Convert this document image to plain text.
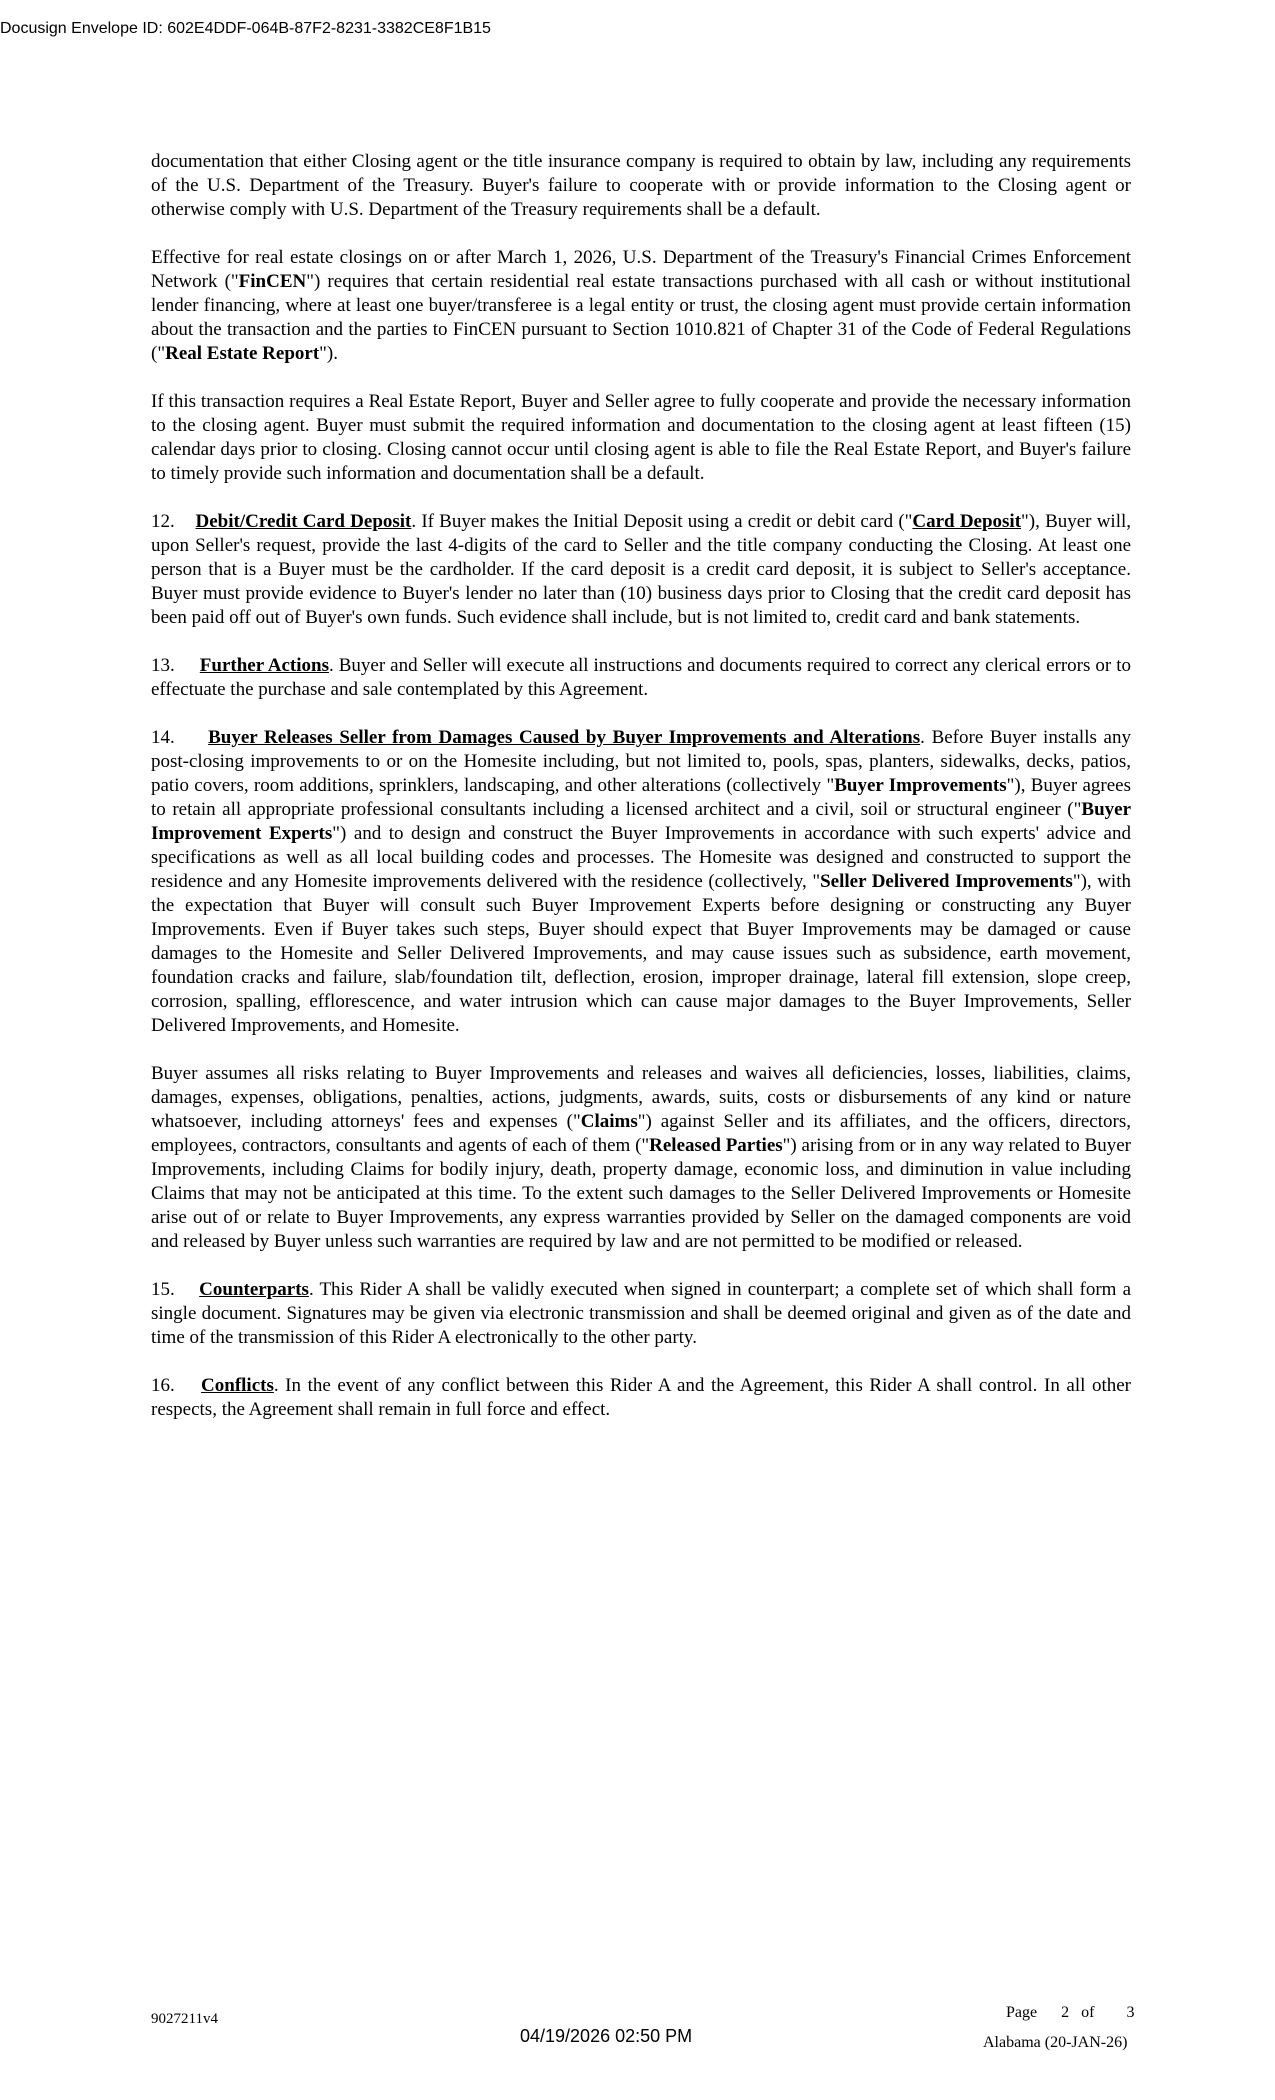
Docusign Envelope ID: 602E4DDF-064B-87F2-8231-3382CE8F1B15

documentation that either Closing agent or the title insurance company is required to obtain by law, including any requirements of the U.S. Department of the Treasury. Buyer's failure to cooperate with or provide information to the Closing agent or otherwise comply with U.S. Department of the Treasury requirements shall be a default.

Effective for real estate closings on or after March 1, 2026, U.S. Department of the Treasury's Financial Crimes Enforcement Network ("FinCEN") requires that certain residential real estate transactions purchased with all cash or without institutional lender financing, where at least one buyer/transferee is a legal entity or trust, the closing agent must provide certain information about the transaction and the parties to FinCEN pursuant to Section 1010.821 of Chapter 31 of the Code of Federal Regulations ("Real Estate Report").

If this transaction requires a Real Estate Report, Buyer and Seller agree to fully cooperate and provide the necessary information to the closing agent. Buyer must submit the required information and documentation to the closing agent at least fifteen (15) calendar days prior to closing. Closing cannot occur until closing agent is able to file the Real Estate Report, and Buyer's failure to timely provide such information and documentation shall be a default.

12. Debit/Credit Card Deposit. If Buyer makes the Initial Deposit using a credit or debit card ("Card Deposit"), Buyer will, upon Seller's request, provide the last 4-digits of the card to Seller and the title company conducting the Closing. At least one person that is a Buyer must be the cardholder. If the card deposit is a credit card deposit, it is subject to Seller's acceptance. Buyer must provide evidence to Buyer's lender no later than (10) business days prior to Closing that the credit card deposit has been paid off out of Buyer's own funds. Such evidence shall include, but is not limited to, credit card and bank statements.

13. Further Actions. Buyer and Seller will execute all instructions and documents required to correct any clerical errors or to effectuate the purchase and sale contemplated by this Agreement.

14. Buyer Releases Seller from Damages Caused by Buyer Improvements and Alterations. Before Buyer installs any post-closing improvements to or on the Homesite including, but not limited to, pools, spas, planters, sidewalks, decks, patios, patio covers, room additions, sprinklers, landscaping, and other alterations (collectively "Buyer Improvements"), Buyer agrees to retain all appropriate professional consultants including a licensed architect and a civil, soil or structural engineer ("Buyer Improvement Experts") and to design and construct the Buyer Improvements in accordance with such experts' advice and specifications as well as all local building codes and processes. The Homesite was designed and constructed to support the residence and any Homesite improvements delivered with the residence (collectively, "Seller Delivered Improvements"), with the expectation that Buyer will consult such Buyer Improvement Experts before designing or constructing any Buyer Improvements. Even if Buyer takes such steps, Buyer should expect that Buyer Improvements may be damaged or cause damages to the Homesite and Seller Delivered Improvements, and may cause issues such as subsidence, earth movement, foundation cracks and failure, slab/foundation tilt, deflection, erosion, improper drainage, lateral fill extension, slope creep, corrosion, spalling, efflorescence, and water intrusion which can cause major damages to the Buyer Improvements, Seller Delivered Improvements, and Homesite.

Buyer assumes all risks relating to Buyer Improvements and releases and waives all deficiencies, losses, liabilities, claims, damages, expenses, obligations, penalties, actions, judgments, awards, suits, costs or disbursements of any kind or nature whatsoever, including attorneys' fees and expenses ("Claims") against Seller and its affiliates, and the officers, directors, employees, contractors, consultants and agents of each of them ("Released Parties") arising from or in any way related to Buyer Improvements, including Claims for bodily injury, death, property damage, economic loss, and diminution in value including Claims that may not be anticipated at this time. To the extent such damages to the Seller Delivered Improvements or Homesite arise out of or relate to Buyer Improvements, any express warranties provided by Seller on the damaged components are void and released by Buyer unless such warranties are required by law and are not permitted to be modified or released.

15. Counterparts. This Rider A shall be validly executed when signed in counterpart; a complete set of which shall form a single document. Signatures may be given via electronic transmission and shall be deemed original and given as of the date and time of the transmission of this Rider A electronically to the other party.

16. Conflicts. In the event of any conflict between this Rider A and the Agreement, this Rider A shall control. In all other respects, the Agreement shall remain in full force and effect.

9027211v4
04/19/2026 02:50 PM
Page 2 of 3
Alabama (20-JAN-26)
